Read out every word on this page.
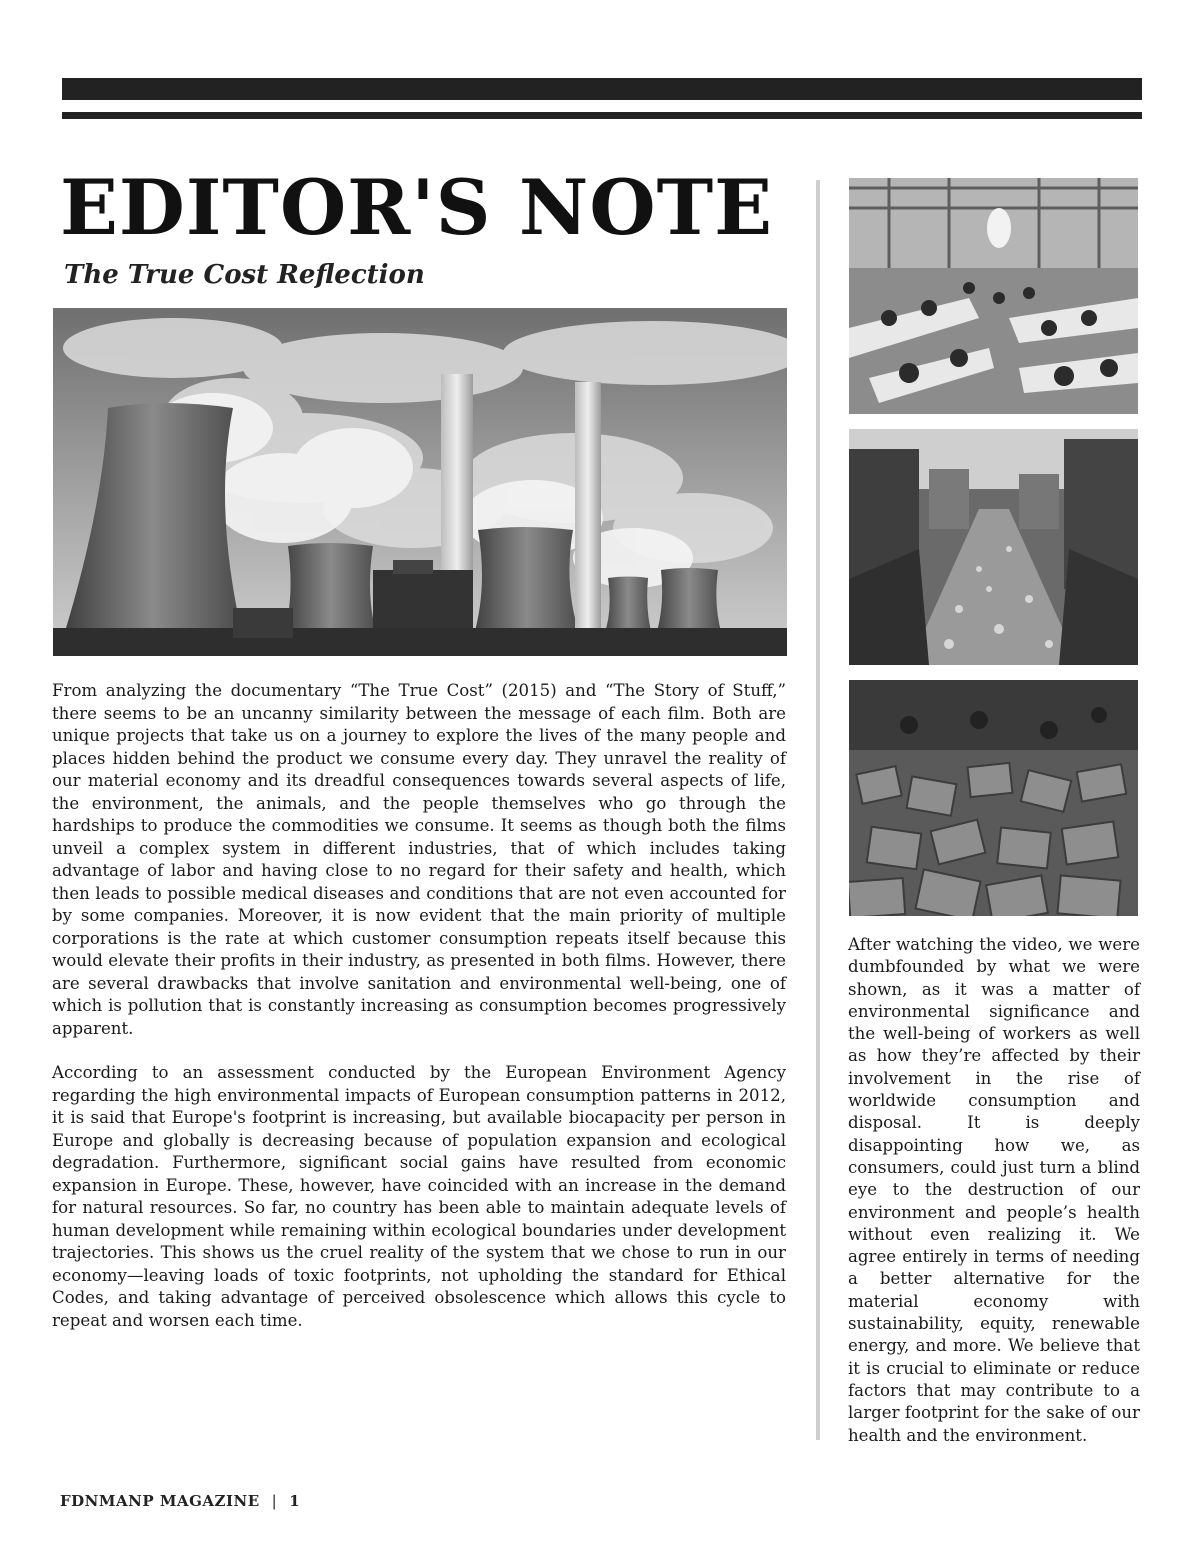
EDITOR'S NOTE
The True Cost Reflection

From analyzing the documentary “The True Cost” (2015) and “The Story of Stuff,” there seems to be an uncanny similarity between the message of each film. Both are unique projects that take us on a journey to explore the lives of the many people and places hidden behind the product we consume every day. They unravel the reality of our material economy and its dreadful consequences towards several aspects of life, the environment, the animals, and the people themselves who go through the hardships to produce the commodities we consume. It seems as though both the films unveil a complex system in different industries, that of which includes taking advantage of labor and having close to no regard for their safety and health, which then leads to possible medical diseases and conditions that are not even accounted for by some companies. Moreover, it is now evident that the main priority of multiple corporations is the rate at which customer consumption repeats itself because this would elevate their profits in their industry, as presented in both films. However, there are several drawbacks that involve sanitation and environmental well-being, one of which is pollution that is constantly increasing as consumption becomes progressively apparent.

According to an assessment conducted by the European Environment Agency regarding the high environmental impacts of European consumption patterns in 2012, it is said that Europe's footprint is increasing, but available biocapacity per person in Europe and globally is decreasing because of population expansion and ecological degradation. Furthermore, significant social gains have resulted from economic expansion in Europe. These, however, have coincided with an increase in the demand for natural resources. So far, no country has been able to maintain adequate levels of human development while remaining within ecological boundaries under development trajectories. This shows us the cruel reality of the system that we chose to run in our economy—leaving loads of toxic footprints, not upholding the standard for Ethical Codes, and taking advantage of perceived obsolescence which allows this cycle to repeat and worsen each time.

After watching the video, we were dumbfounded by what we were shown, as it was a matter of environmental significance and the well-being of workers as well as how they’re affected by their involvement in the rise of worldwide consumption and disposal. It is deeply disappointing how we, as consumers, could just turn a blind eye to the destruction of our environment and people’s health without even realizing it. We agree entirely in terms of needing a better alternative for the material economy with sustainability, equity, renewable energy, and more. We believe that it is crucial to eliminate or reduce factors that may contribute to a larger footprint for the sake of our health and the environment.

FDNMANP MAGAZINE | 1
